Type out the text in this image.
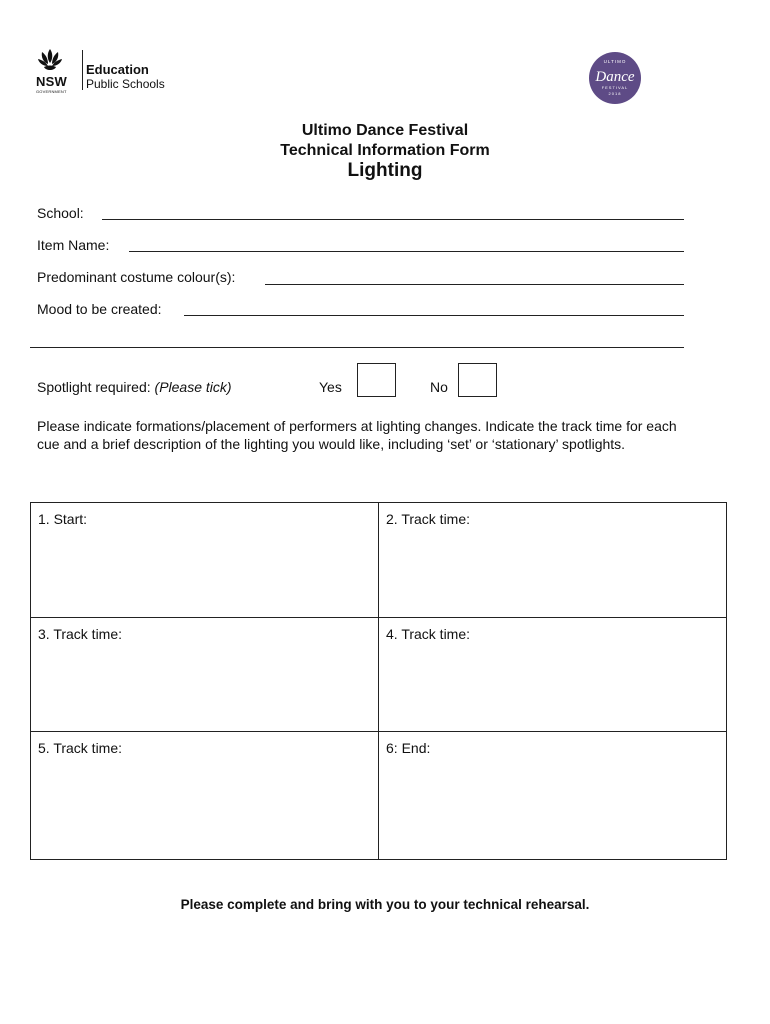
NSW
GOVERNMENT
Education
Public Schools
ULTIMO
Dance
FESTIVAL
2018
Ultimo Dance Festival
Technical Information Form
Lighting
School:
Item Name:
Predominant costume colour(s):
Mood to be created:
Spotlight required: (Please tick)	Yes	No
Please indicate formations/placement of performers at lighting changes. Indicate the track time for each cue and a brief description of the lighting you would like, including ‘set’ or ‘stationary’ spotlights.
1. Start:	2. Track time:
3. Track time:	4. Track time:
5. Track time:	6: End:
Please complete and bring with you to your technical rehearsal.
